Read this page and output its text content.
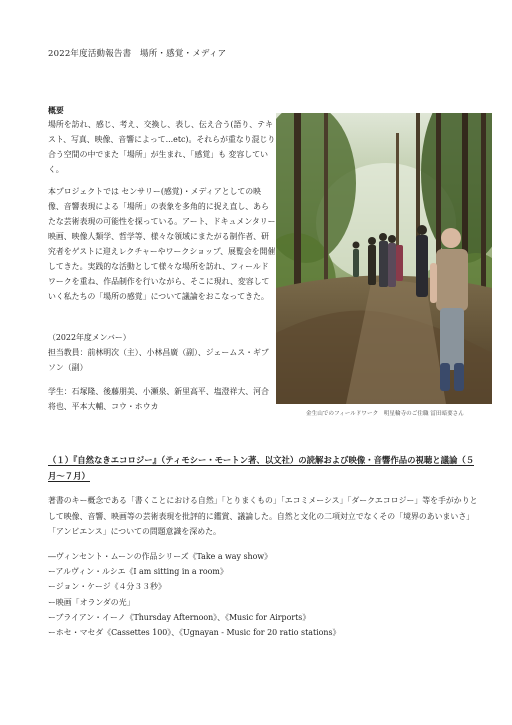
2022年度活動報告書　場所・感覚・メディア
概要

場所を訪れ、感じ、考え、交換し、表し、伝え合う(語り、テキスト、写真、映像、音響によって...etc)。それらが重なり混じり合う空間の中でまた「場所」が生まれ、「感覚」も 変容していく。

本プロジェクトでは センサリー(感覚)・メディアとしての映像、音響表現による「場所」の表象を多角的に捉え直し、あらたな芸術表現の可能性を探っている。アート、ドキュメンタリー映画、映像人類学、哲学等、様々な領域にまたがる制作者、研究者をゲストに迎えレクチャーやワークショップ、展覧会を開催してきた。実践的な活動として様々な場所を訪れ、フィールドワークを重ね、作品制作を行いながら、そこに現れ、変容していく私たちの「場所の感覚」について議論をおこなってきた。

（2022年度メンバー）

担当教員：前林明次（主）、小林昌廣（副）、ジェームス・ギブソン（副）

学生：石塚隆、後藤朋美、小瀬泉、新里高平、塩澄祥大、河合将也、平本大輔、コウ・ホウカ

金生山でのフィールドワーク　明星輪寺のご住職 冨田暗要さん
（１）『自然なきエコロジー』（ティモシー・モートン著、以文社）の読解および映像・音響作品の視聴と議論（５月〜７月）
著書のキー概念である「書くことにおける自然」「とりまくもの」「エコミメーシス」「ダークエコロジー」等を手がかりとして映像、音響、映画等の芸術表現を批評的に鑑賞、議論した。自然と文化の二項対立でなくその「境界のあいまいさ」「アンビエンス」についての問題意識を深めた。
―ヴィンセント・ムーンの作品シリーズ《Take a way show》
ーアルヴィン・ルシエ《I am sitting in a room》
ージョン・ケージ《４分３３秒》
ー映画「オランダの光」
ーブライアン・イーノ《Thursday Afternoon》、《Music for Airports》
ーホセ・マセダ《Cassettes 100》、《Ugnayan - Music for 20 ratio stations》
